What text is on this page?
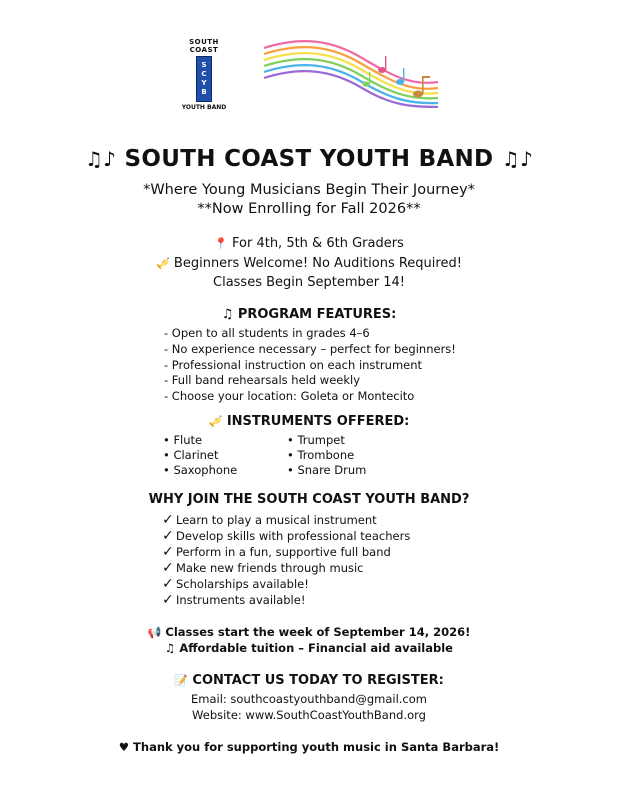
SOUTH COAST
S
C
Y
B
YOUTH BAND
♫♪ SOUTH COAST YOUTH BAND ♫♪
*Where Young Musicians Begin Their Journey*
**Now Enrolling for Fall 2026**
📍 For 4th, 5th & 6th Graders
🎺 Beginners Welcome! No Auditions Required!
Classes Begin September 14!
♫ PROGRAM FEATURES:
- Open to all students in grades 4–6
- No experience necessary – perfect for beginners!
- Professional instruction on each instrument
- Full band rehearsals held weekly
- Choose your location: Goleta or Montecito
🎺 INSTRUMENTS OFFERED:
• Flute
• Clarinet
• Saxophone
• Trumpet
• Trombone
• Snare Drum
WHY JOIN THE SOUTH COAST YOUTH BAND?
✓ Learn to play a musical instrument
✓ Develop skills with professional teachers
✓ Perform in a fun, supportive full band
✓ Make new friends through music
✓ Scholarships available!
✓ Instruments available!
📢 Classes start the week of September 14, 2026!
♫ Affordable tuition – Financial aid available
📝 CONTACT US TODAY TO REGISTER:
Email: southcoastyouthband@gmail.com
Website: www.SouthCoastYouthBand.org
♥ Thank you for supporting youth music in Santa Barbara!
